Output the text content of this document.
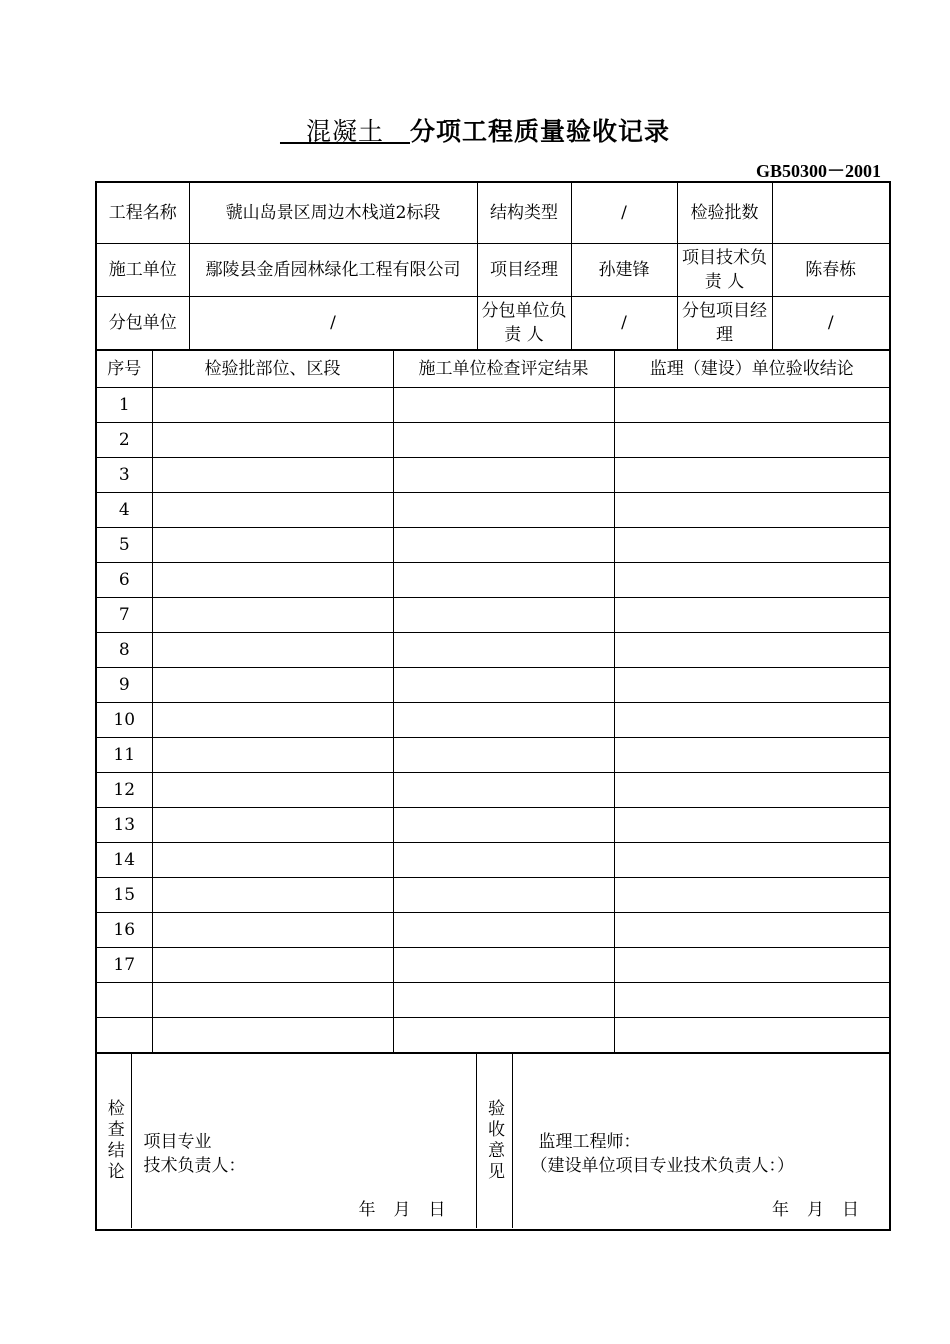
　混凝土　分项工程质量验收记录
GB50300－2001
工程名称	虢山岛景区周边木栈道2标段	结构类型	/	检验批数	
施工单位	鄢陵县金盾园林绿化工程有限公司	项目经理	孙建锋	项目技术负 责 人	陈春栋
分包单位	/	分包单位负 责 人	/	分包项目经　理	/
序号	检验批部位、区段	施工单位检查评定结果	监理（建设）单位验收结论
1			
2			
3			
4			
5			
6			
7			
8			
9			
10			
11			
12			
13			
14			
15			
16			
17			

检查结论	项目专业
技术负责人：
年月日

验收意见	监理工程师：
（建设单位项目专业技术负责人：）
年月日
